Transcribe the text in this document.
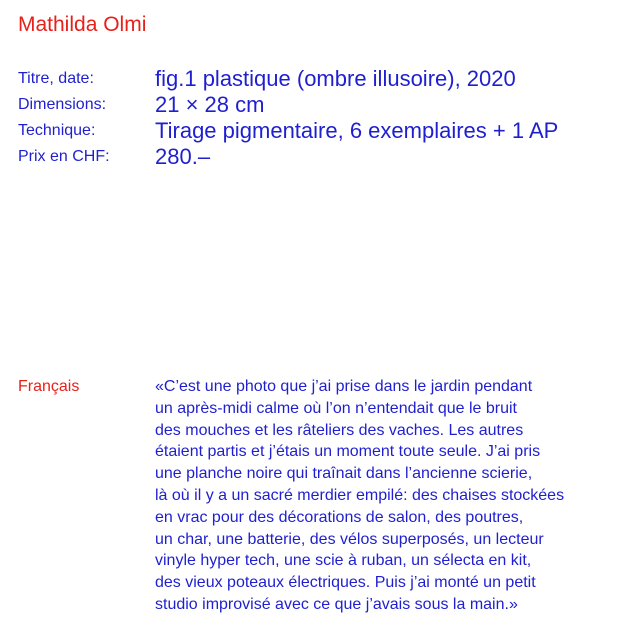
Mathilda Olmi
Titre, date:	fig.1 plastique (ombre illusoire), 2020
Dimensions: 21 × 28 cm
Technique:	Tirage pigmentaire, 6 exemplaires + 1 AP
Prix en CHF: 280.–
Français	«C’est une photo que j’ai prise dans le jardin pendant
un après-midi calme où l’on n’entendait que le bruit
des mouches et les râteliers des vaches. Les autres
étaient partis et j’étais un moment toute seule. J’ai pris
une planche noire qui traînait dans l’ancienne scierie,
là où il y a un sacré merdier empilé: des chaises stockées
en vrac pour des décorations de salon, des poutres,
un char, une batterie, des vélos superposés, un lecteur
vinyle hyper tech, une scie à ruban, un sélecta en kit,
des vieux poteaux électriques. Puis j’ai monté un petit
studio improvisé avec ce que j’avais sous la main.»
